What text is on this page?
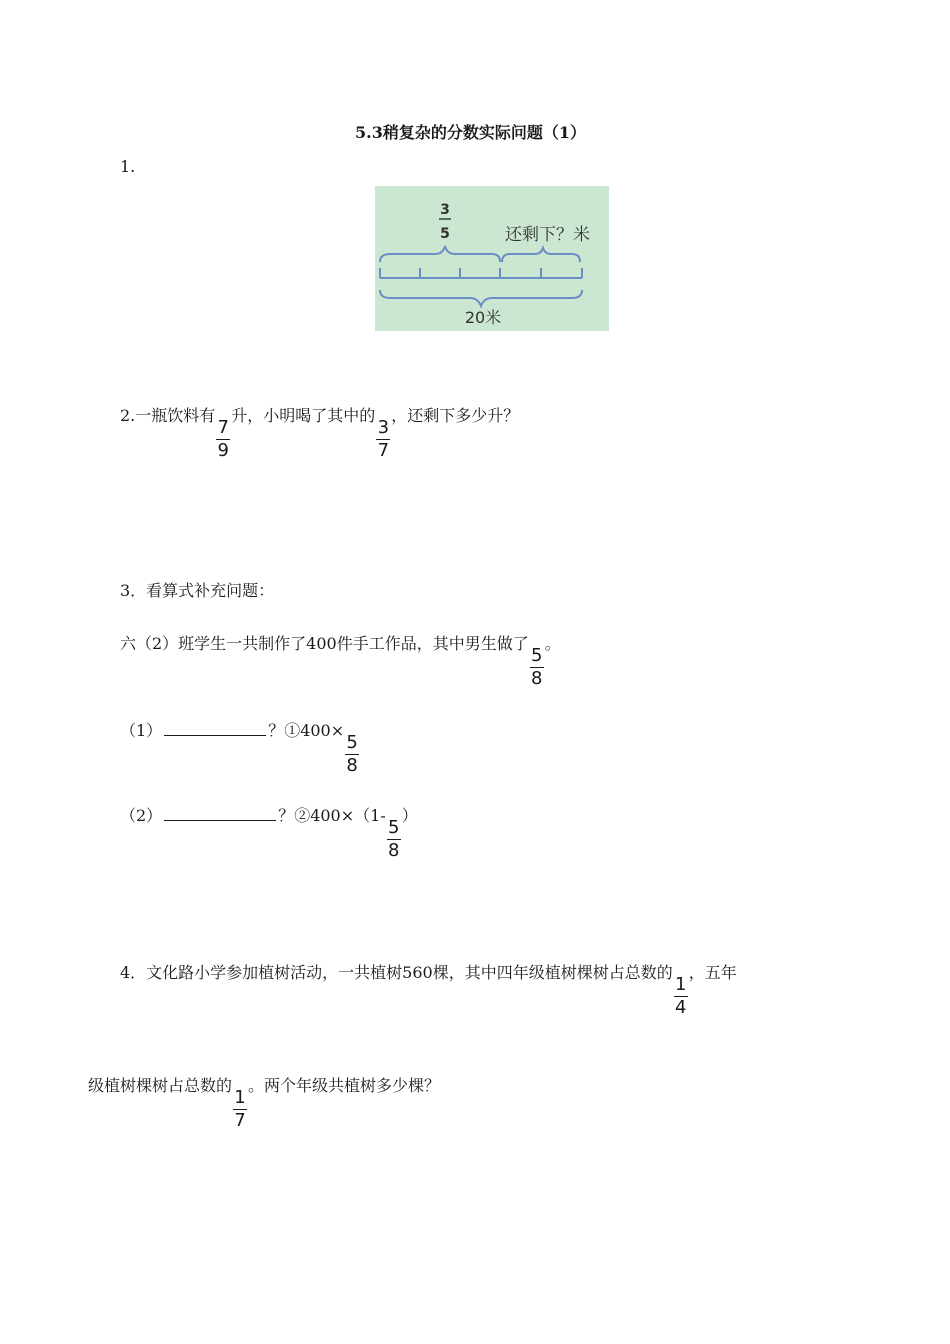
5.3稍复杂的分数实际问题（1）
1.
3
5	还剩下？米
20米
2.一瓶饮料有
$\frac{7}{9}$
升，小明喝了其中的
$\frac{3}{7}$
，还剩下多少升？
3．看算式补充问题：
六（2）班学生一共制作了400件手工作品，其中男生做了
$\frac{5}{8}$
。
（1）	？①400×
$\frac{5}{8}$
（2）	？②400×（1-
$\frac{5}{8}$
）
4．文化路小学参加植树活动，一共植树560棵，其中四年级植树棵树占总数的
$\frac{1}{4}$
，五年
级植树棵树占总数的
$\frac{1}{7}$
。两个年级共植树多少棵？
